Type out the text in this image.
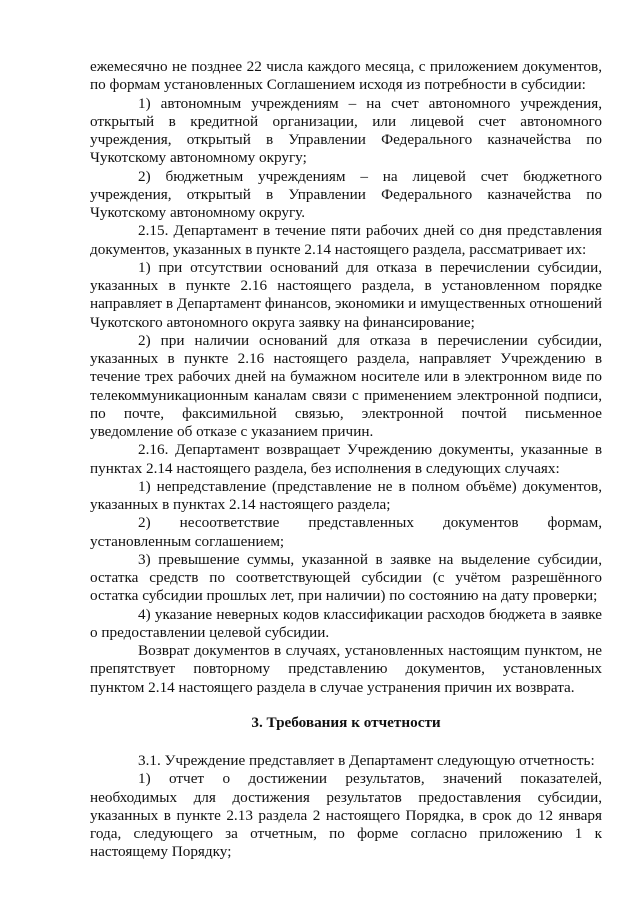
ежемесячно не позднее 22 числа каждого месяца, с приложением документов, по формам установленных Соглашением исходя из потребности в субсидии:

1) автономным учреждениям – на счет автономного учреждения, открытый в кредитной организации, или лицевой счет автономного учреждения, открытый в Управлении Федерального казначейства по Чукотскому автономному округу;

2) бюджетным учреждениям – на лицевой счет бюджетного учреждения, открытый в Управлении Федерального казначейства по Чукотскому автономному округу.

2.15. Департамент в течение пяти рабочих дней со дня представления документов, указанных в пункте 2.14 настоящего раздела, рассматривает их:

1) при отсутствии оснований для отказа в перечислении субсидии, указанных в пункте 2.16 настоящего раздела, в установленном порядке направляет в Департамент финансов, экономики и имущественных отношений Чукотского автономного округа заявку на финансирование;

2) при наличии оснований для отказа в перечислении субсидии, указанных в пункте 2.16 настоящего раздела, направляет Учреждению в течение трех рабочих дней на бумажном носителе или в электронном виде по телекоммуникационным каналам связи с применением электронной подписи, по почте, факсимильной связью, электронной почтой письменное уведомление об отказе с указанием причин.

2.16. Департамент возвращает Учреждению документы, указанные в пунктах 2.14 настоящего раздела, без исполнения в следующих случаях:

1) непредставление (представление не в полном объёме) документов, указанных в пунктах 2.14 настоящего раздела;

2) несоответствие представленных документов формам, установленным соглашением;

3) превышение суммы, указанной в заявке на выделение субсидии, остатка средств по соответствующей субсидии (с учётом разрешённого остатка субсидии прошлых лет, при наличии) по состоянию на дату проверки;

4) указание неверных кодов классификации расходов бюджета в заявке о предоставлении целевой субсидии.

Возврат документов в случаях, установленных настоящим пунктом, не препятствует повторному представлению документов, установленных пунктом 2.14 настоящего раздела в случае устранения причин их возврата.

3. Требования к отчетности

3.1. Учреждение представляет в Департамент следующую отчетность:

1) отчет о достижении результатов, значений показателей, необходимых для достижения результатов предоставления субсидии, указанных в пункте 2.13 раздела 2 настоящего Порядка, в срок до 12 января года, следующего за отчетным, по форме согласно приложению 1 к настоящему Порядку;
